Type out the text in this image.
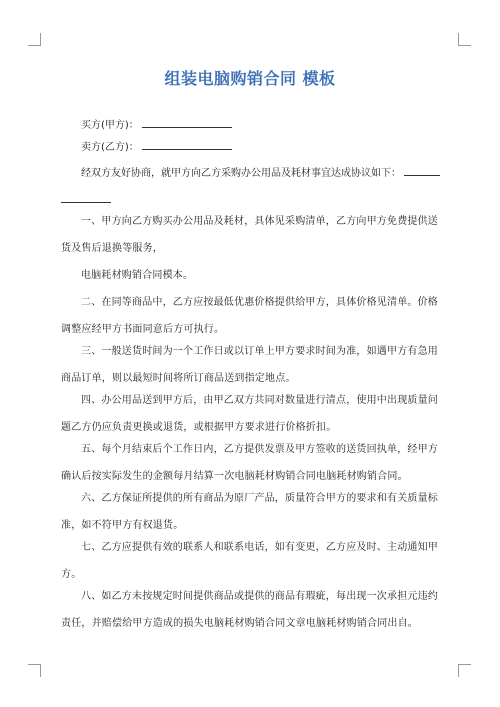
组装电脑购销合同 模板
买方(甲方)：
卖方(乙方)：
经双方友好协商，就甲方向乙方采购办公用品及耗材事宜达成协议如下：
一、甲方向乙方购买办公用品及耗材，具体见采购清单，乙方向甲方免费提供送货及售后退换等服务，
电脑耗材购销合同模本。
二、在同等商品中，乙方应按最低优惠价格提供给甲方，具体价格见清单。价格调整应经甲方书面同意后方可执行。
三、一般送货时间为一个工作日或以订单上甲方要求时间为准，如遇甲方有急用商品订单，则以最短时间将所订商品送到指定地点。
四、办公用品送到甲方后，由甲乙双方共同对数量进行清点，使用中出现质量问题乙方仍应负责更换或退货，或根据甲方要求进行价格折扣。
五、每个月结束后个工作日内，乙方提供发票及甲方签收的送货回执单，经甲方确认后按实际发生的金额每月结算一次电脑耗材购销合同电脑耗材购销合同。
六、乙方保证所提供的所有商品为原厂产品，质量符合甲方的要求和有关质量标准，如不符甲方有权退货。
七、乙方应提供有效的联系人和联系电话，如有变更，乙方应及时、主动通知甲方。
八、如乙方未按规定时间提供商品或提供的商品有瑕疵，每出现一次承担元违约责任，并赔偿给甲方造成的损失电脑耗材购销合同文章电脑耗材购销合同出自。
